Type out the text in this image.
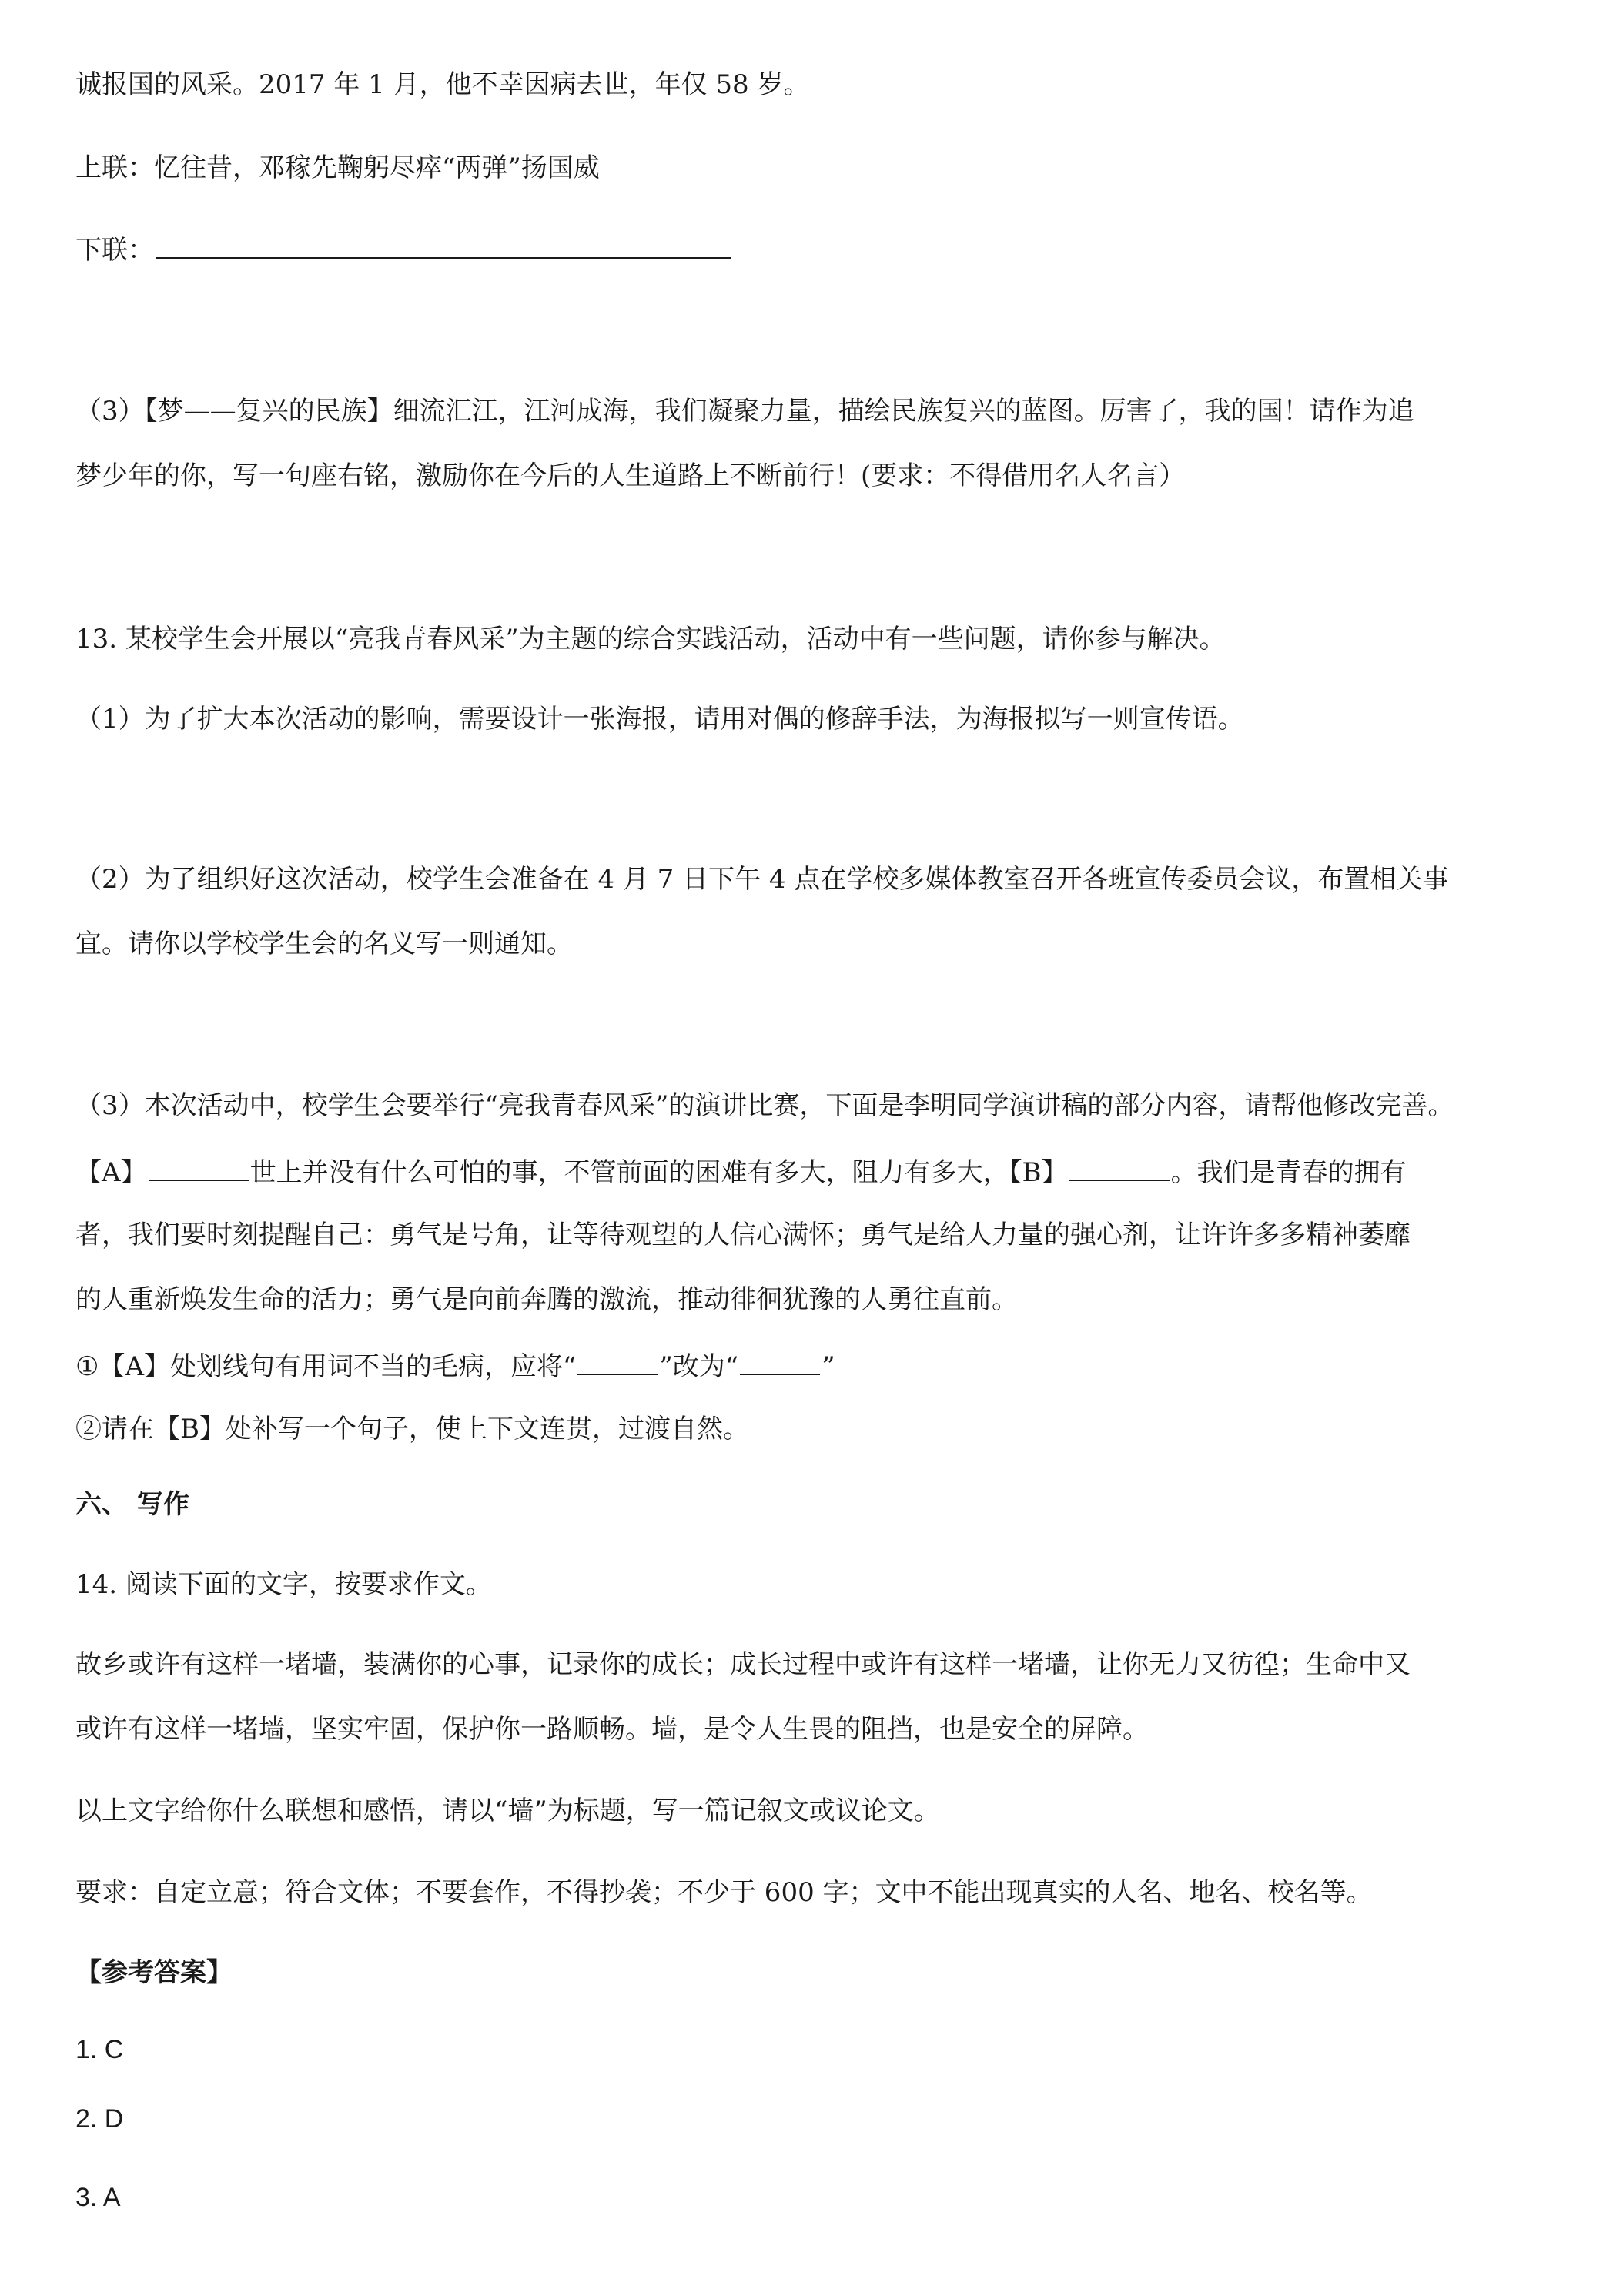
诚报国的风采。2017 年 1 月，他不幸因病去世，年仅 58 岁。
上联：忆往昔，邓稼先鞠躬尽瘁“两弹”扬国威
下联：
（3）【梦——复兴的民族】细流汇江，江河成海，我们凝聚力量，描绘民族复兴的蓝图。厉害了，我的国！请作为追
梦少年的你，写一句座右铭，激励你在今后的人生道路上不断前行！(要求：不得借用名人名言）
13. 某校学生会开展以“亮我青春风采”为主题的综合实践活动，活动中有一些问题，请你参与解决。
（1）为了扩大本次活动的影响，需要设计一张海报，请用对偶的修辞手法，为海报拟写一则宣传语。
（2）为了组织好这次活动，校学生会准备在 4 月 7 日下午 4 点在学校多媒体教室召开各班宣传委员会议，布置相关事
宜。请你以学校学生会的名义写一则通知。
（3）本次活动中，校学生会要举行“亮我青春风采”的演讲比赛，下面是李明同学演讲稿的部分内容，请帮他修改完善。
【A】	世上并没有什么可怕的事，不管前面的困难有多大，阻力有多大，【B】	。我们是青春的拥有
者，我们要时刻提醒自己：勇气是号角，让等待观望的人信心满怀；勇气是给人力量的强心剂，让许许多多精神萎靡
的人重新焕发生命的活力；勇气是向前奔腾的激流，推动徘徊犹豫的人勇往直前。
①【A】处划线句有用词不当的毛病，应将“	”改为“	”
②请在【B】处补写一个句子，使上下文连贯，过渡自然。
六、 写作
14. 阅读下面的文字，按要求作文。
故乡或许有这样一堵墙，装满你的心事，记录你的成长；成长过程中或许有这样一堵墙，让你无力又彷徨；生命中又
或许有这样一堵墙，坚实牢固，保护你一路顺畅。墙，是令人生畏的阻挡，也是安全的屏障。
以上文字给你什么联想和感悟，请以“墙”为标题，写一篇记叙文或议论文。
要求：自定立意；符合文体；不要套作，不得抄袭；不少于 600 字；文中不能出现真实的人名、地名、校名等。
【参考答案】
1. C
2. D
3. A
